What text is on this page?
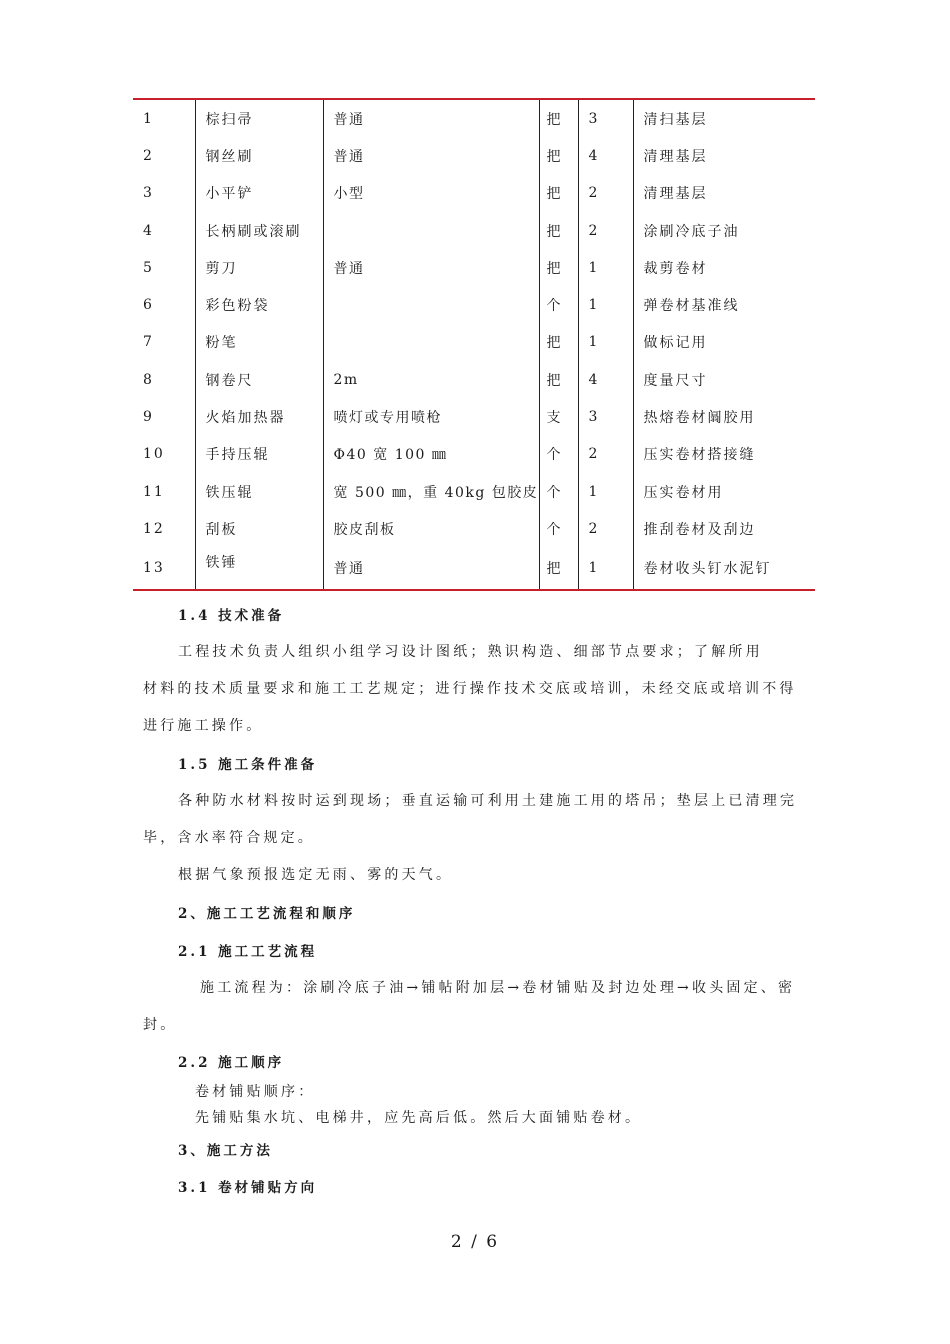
1	棕扫帚	普通	把	3	清扫基层
2	钢丝刷	普通	把	4	清理基层
3	小平铲	小型	把	2	清理基层
4	长柄刷或滚刷		把	2	涂刷冷底子油
5	剪刀	普通	把	1	裁剪卷材
6	彩色粉袋		个	1	弹卷材基准线
7	粉笔		把	1	做标记用
8	钢卷尺	2m	把	4	度量尺寸
9	火焰加热器	喷灯或专用喷枪	支	3	热熔卷材阘胶用
10	手持压辊	Φ40 宽 100 ㎜	个	2	压实卷材搭接缝
11	铁压辊	宽 500 ㎜，重 40kg 包胶皮	个	1	压实卷材用
12	刮板	胶皮刮板	个	2	推刮卷材及刮边
13	铁锤	普通	把	1	卷材收头钉水泥钉

1.4 技术准备

工程技术负责人组织小组学习设计图纸；熟识构造、细部节点要求；了解所用

材料的技术质量要求和施工工艺规定；进行操作技术交底或培训，未经交底或培训不得

进行施工操作。

1.5 施工条件准备

各种防水材料按时运到现场；垂直运输可利用土建施工用的塔吊；垫层上已清理完

毕，含水率符合规定。

根据气象预报选定无雨、雾的天气。

2、施工工艺流程和顺序

2.1 施工工艺流程

施工流程为：涂刷冷底子油→铺帖附加层→卷材铺贴及封边处理→收头固定、密

封。

2.2 施工顺序

卷材铺贴顺序：

先铺贴集水坑、电梯井，应先高后低。然后大面铺贴卷材。

3、施工方法

3.1 卷材铺贴方向

2 / 6
